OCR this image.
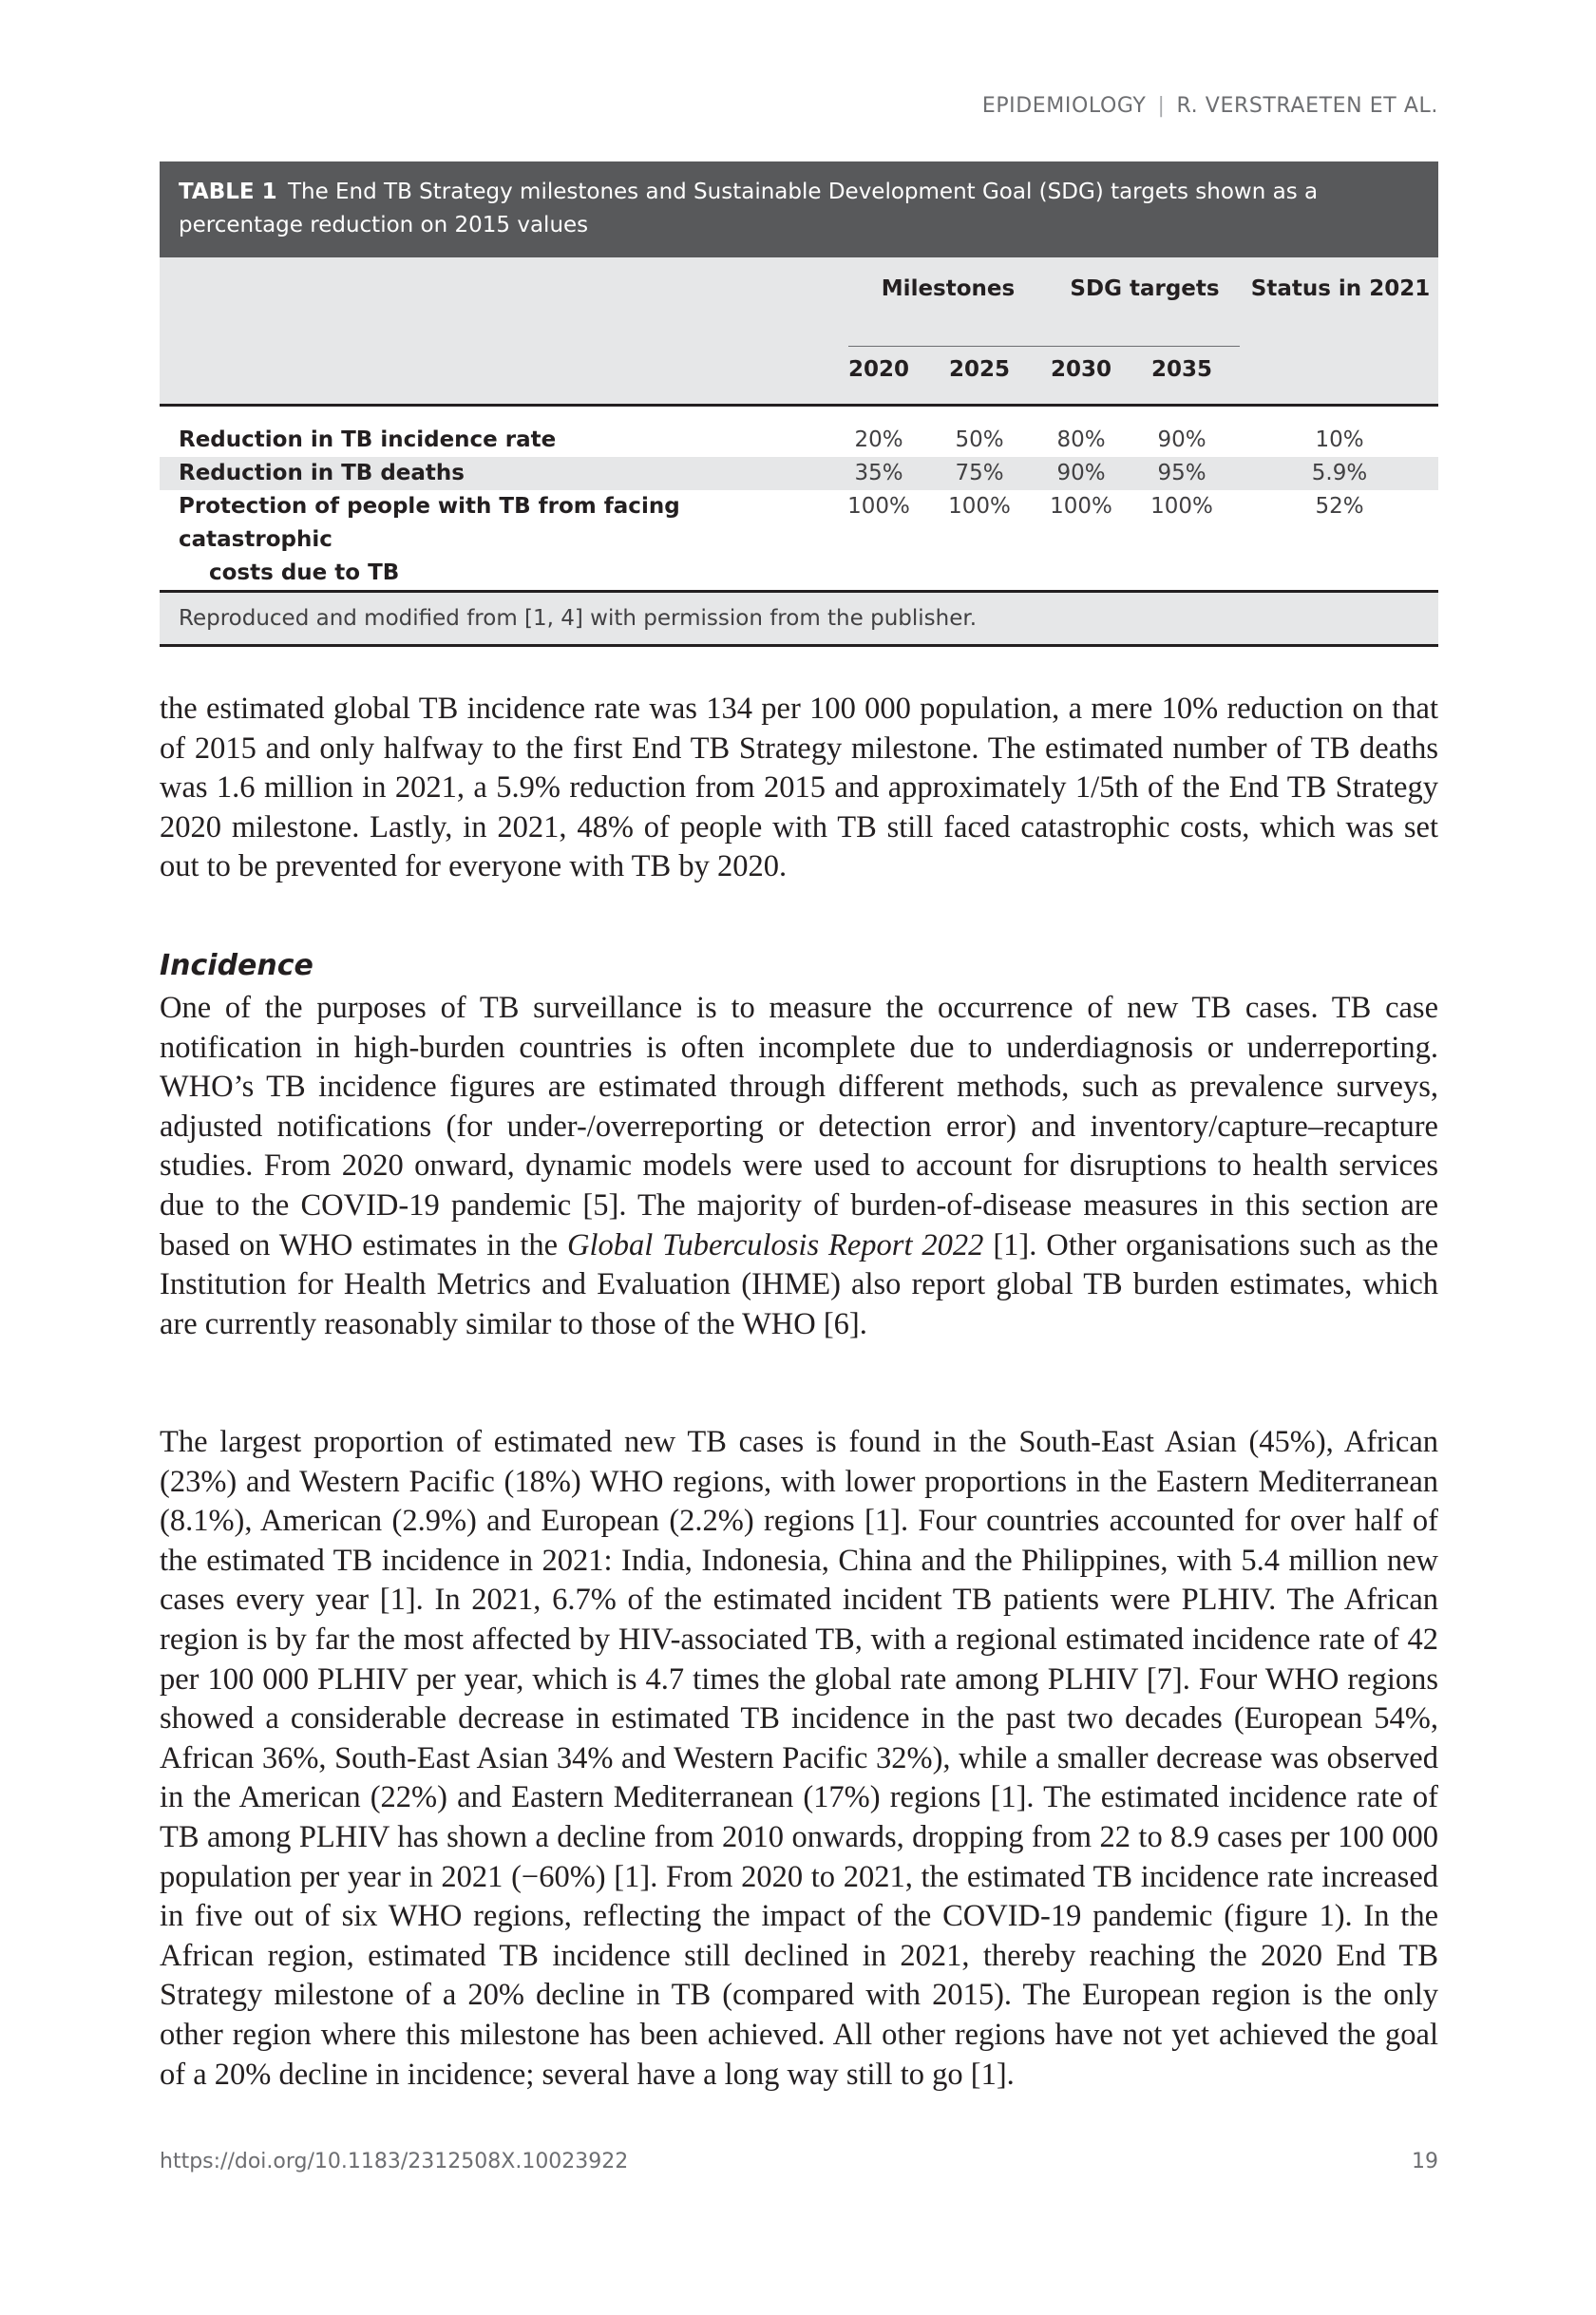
EPIDEMIOLOGY | R. VERSTRAETEN ET AL.
TABLE 1 The End TB Strategy milestones and Sustainable Development Goal (SDG) targets shown as a percentage reduction on 2015 values
Milestones	SDG targets	Status in 2021
2020	2025	2030	2035
Reduction in TB incidence rate	20%	50%	80%	90%	10%
Reduction in TB deaths	35%	75%	90%	95%	5.9%
Protection of people with TB from facing catastrophic
costs due to TB
100%	100%	100%	100%	52%
Reproduced and modified from [1, 4] with permission from the publisher.

the estimated global TB incidence rate was 134 per 100 000 population, a mere 10% reduction on that of 2015 and only halfway to the first End TB Strategy milestone. The estimated number of TB deaths was 1.6 million in 2021, a 5.9% reduction from 2015 and approximately 1/5th of the End TB Strategy 2020 milestone. Lastly, in 2021, 48% of people with TB still faced catastrophic costs, which was set out to be prevented for everyone with TB by 2020.

Incidence

One of the purposes of TB surveillance is to measure the occurrence of new TB cases. TB case notification in high-burden countries is often incomplete due to underdiagnosis or underreporting. WHO’s TB incidence figures are estimated through different methods, such as prevalence surveys, adjusted notifications (for under-/overreporting or detection error) and inventory/capture–recapture studies. From 2020 onward, dynamic models were used to account for disruptions to health services due to the COVID-19 pandemic [5]. The majority of burden-of-disease measures in this section are based on WHO estimates in the Global Tuberculosis Report 2022 [1]. Other organisations such as the Institution for Health Metrics and Evaluation (IHME) also report global TB burden estimates, which are currently reasonably similar to those of the WHO [6].

The largest proportion of estimated new TB cases is found in the South-East Asian (45%), African (23%) and Western Pacific (18%) WHO regions, with lower proportions in the Eastern Mediterranean (8.1%), American (2.9%) and European (2.2%) regions [1]. Four countries accounted for over half of the estimated TB incidence in 2021: India, Indonesia, China and the Philippines, with 5.4 million new cases every year [1]. In 2021, 6.7% of the estimated incident TB patients were PLHIV. The African region is by far the most affected by HIV-associated TB, with a regional estimated incidence rate of 42 per 100 000 PLHIV per year, which is 4.7 times the global rate among PLHIV [7]. Four WHO regions showed a considerable decrease in estimated TB incidence in the past two decades (European 54%, African 36%, South-East Asian 34% and Western Pacific 32%), while a smaller decrease was observed in the American (22%) and Eastern Mediterranean (17%) regions [1]. The estimated incidence rate of TB among PLHIV has shown a decline from 2010 onwards, dropping from 22 to 8.9 cases per 100 000 population per year in 2021 (−60%) [1]. From 2020 to 2021, the estimated TB incidence rate increased in five out of six WHO regions, reflecting the impact of the COVID-19 pandemic (figure 1). In the African region, estimated TB incidence still declined in 2021, thereby reaching the 2020 End TB Strategy milestone of a 20% decline in TB (compared with 2015). The European region is the only other region where this milestone has been achieved. All other regions have not yet achieved the goal of a 20% decline in incidence; several have a long way still to go [1].

https://doi.org/10.1183/2312508X.10023922	19
